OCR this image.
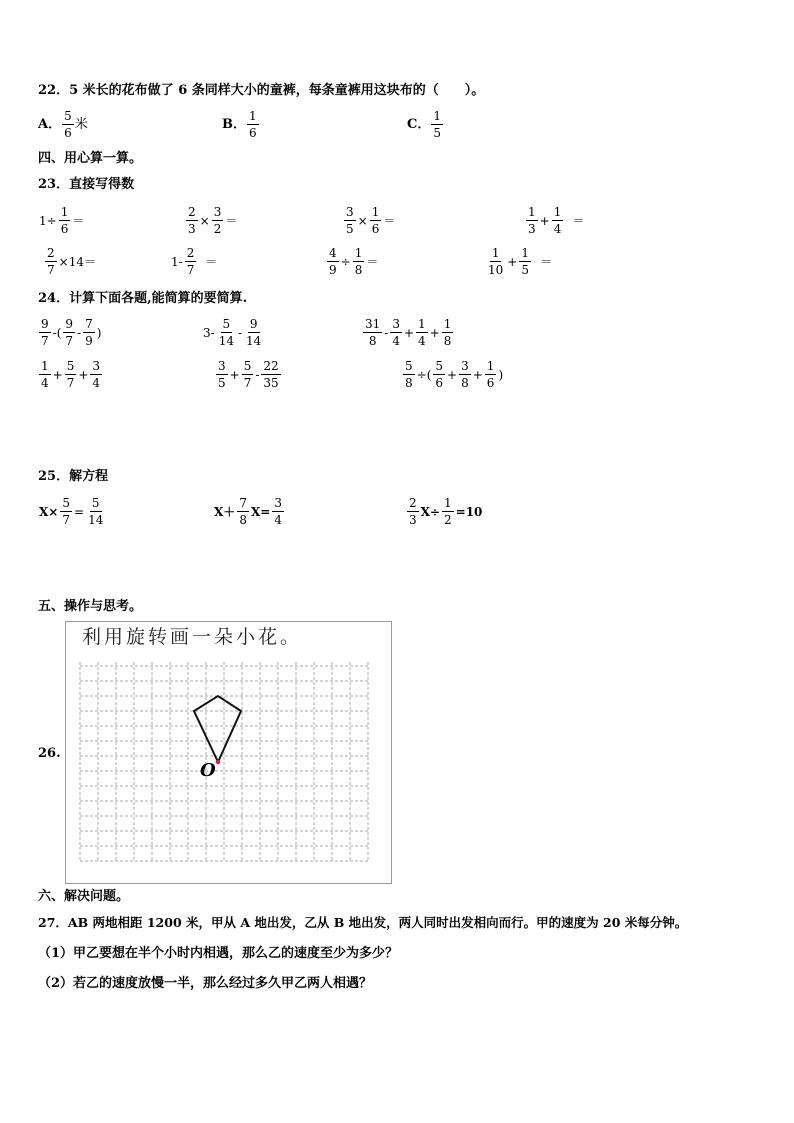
22．5 米长的花布做了 6 条同样大小的童裤，每条童裤用这块布的（　　）。
A． $\frac{5}{6}$ 米	B． $\frac{1}{6}$	C． $\frac{1}{5}$
四、用心算一算。
23．直接写得数
$1\div \frac{1}{6}$ ＝	$\frac{2}{3} \times \frac{3}{2}$ ＝	$\frac{3}{5} \times \frac{1}{6}$ ＝	$\frac{1}{3} + \frac{1}{4}$ ＝
$\frac{2}{7} \times 14=$	$1- \frac{2}{7}$ ＝	$\frac{4}{9} \div \frac{1}{8}$ ＝	$\frac{1}{10} + \frac{1}{5}$ ＝
24．计算下面各题,能简算的要简算.
$\frac{9}{7}$ -( $\frac{9}{7} - \frac{7}{9}$ )	$3- \frac{5}{14} - \frac{9}{14}$	$\frac{31}{8} - \frac{3}{4} + \frac{1}{4} + \frac{1}{8}$
$\frac{1}{4} + \frac{5}{7} + \frac{3}{4}$	$\frac{3}{5} + \frac{5}{7} - \frac{22}{35}$	$\frac{5}{8}$ ÷( $\frac{5}{6} + \frac{3}{8} + \frac{1}{6}$ )
25．解方程
$X\times \frac{5}{7} = \frac{5}{14}$	$X+ \frac{7}{8} X= \frac{3}{4}$	$\frac{2}{3} X\div \frac{1}{2} =10$
五、操作与思考。
26.
利用旋转画一朵小花。
O
六、解决问题。
27．AB 两地相距 1200 米，甲从 A 地出发，乙从 B 地出发，两人同时出发相向而行。甲的速度为 20 米每分钟。
（1）甲乙要想在半个小时内相遇，那么乙的速度至少为多少？
（2）若乙的速度放慢一半，那么经过多久甲乙两人相遇？
